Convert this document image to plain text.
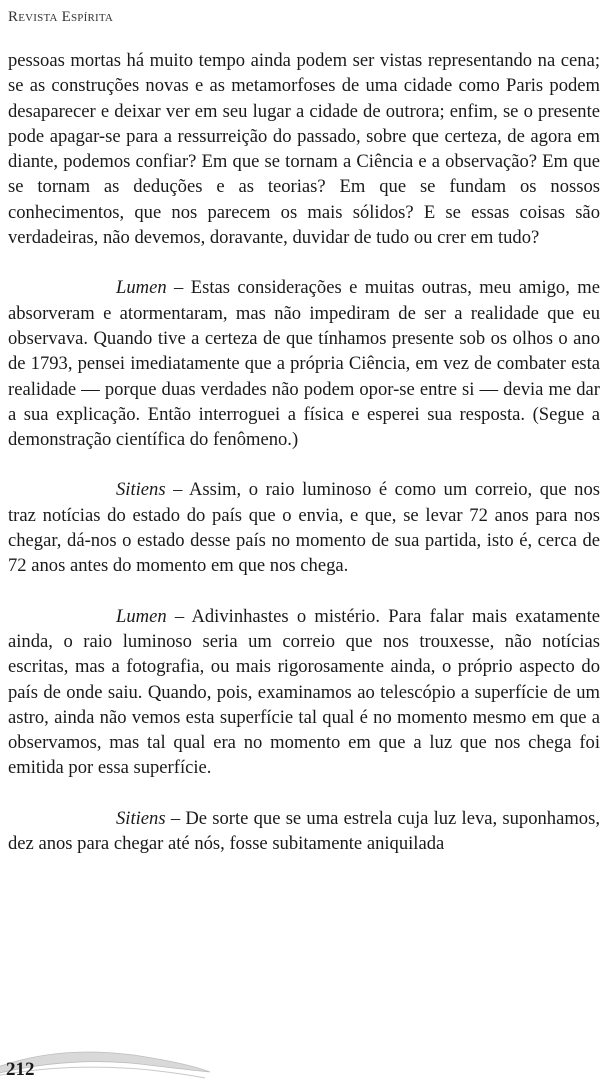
Revista Espírita

pessoas mortas há muito tempo ainda podem ser vistas representando na cena; se as construções novas e as metamorfoses de uma cidade como Paris podem desaparecer e deixar ver em seu lugar a cidade de outrora; enfim, se o presente pode apagar-se para a ressurreição do passado, sobre que certeza, de agora em diante, podemos confiar? Em que se tornam a Ciência e a observação? Em que se tornam as deduções e as teorias? Em que se fundam os nossos conhecimentos, que nos parecem os mais sólidos? E se essas coisas são verdadeiras, não devemos, doravante, duvidar de tudo ou crer em tudo?

Lumen – Estas considerações e muitas outras, meu amigo, me absorveram e atormentaram, mas não impediram de ser a realidade que eu observava. Quando tive a certeza de que tínhamos presente sob os olhos o ano de 1793, pensei imediatamente que a própria Ciência, em vez de combater esta realidade — porque duas verdades não podem opor-se entre si — devia me dar a sua explicação. Então interroguei a física e esperei sua resposta. (Segue a demonstração científica do fenômeno.)

Sitiens – Assim, o raio luminoso é como um correio, que nos traz notícias do estado do país que o envia, e que, se levar 72 anos para nos chegar, dá-nos o estado desse país no momento de sua partida, isto é, cerca de 72 anos antes do momento em que nos chega.

Lumen – Adivinhastes o mistério. Para falar mais exatamente ainda, o raio luminoso seria um correio que nos trouxesse, não notícias escritas, mas a fotografia, ou mais rigorosamente ainda, o próprio aspecto do país de onde saiu. Quando, pois, examinamos ao telescópio a superfície de um astro, ainda não vemos esta superfície tal qual é no momento mesmo em que a observamos, mas tal qual era no momento em que a luz que nos chega foi emitida por essa superfície.

Sitiens – De sorte que se uma estrela cuja luz leva, suponhamos, dez anos para chegar até nós, fosse subitamente aniquilada

212
